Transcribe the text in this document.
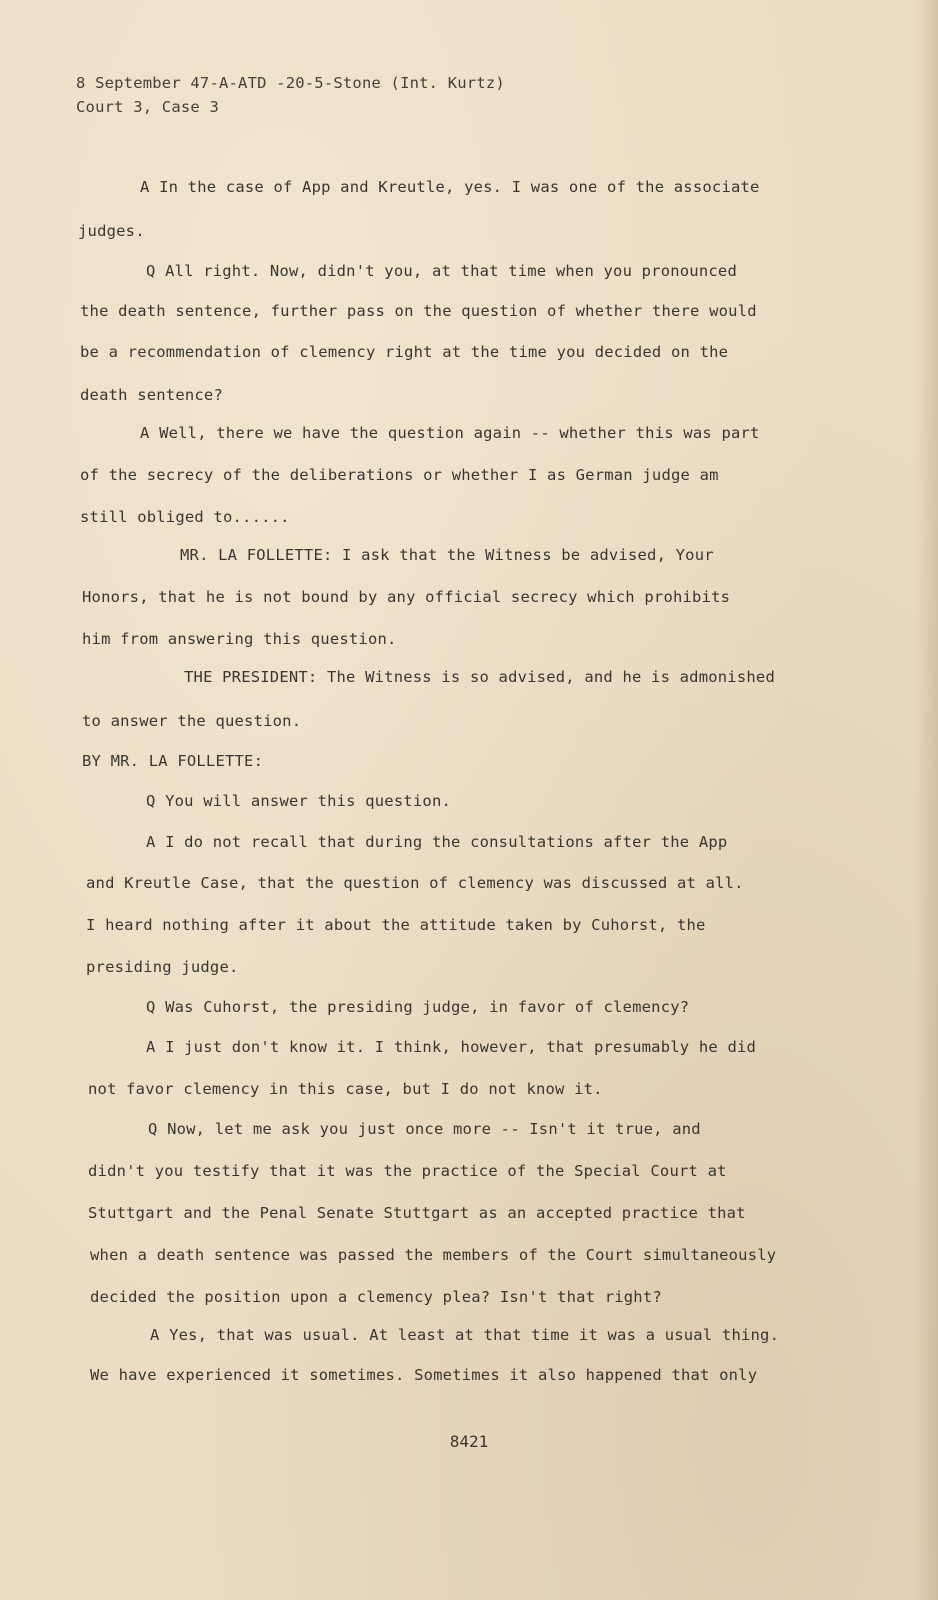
8 September 47-A-ATD -20-5-Stone (Int. Kurtz)
Court 3, Case 3
A In the case of App and Kreutle, yes. I was one of the associate
judges.
Q All right. Now, didn't you, at that time when you pronounced
the death sentence, further pass on the question of whether there would
be a recommendation of clemency right at the time you decided on the
death sentence?
A Well, there we have the question again -- whether this was part
of the secrecy of the deliberations or whether I as German judge am
still obliged to......
MR. LA FOLLETTE: I ask that the Witness be advised, Your
Honors, that he is not bound by any official secrecy which prohibits
him from answering this question.
THE PRESIDENT: The Witness is so advised, and he is admonished
to answer the question.
BY MR. LA FOLLETTE:
Q You will answer this question.
A I do not recall that during the consultations after the App
and Kreutle Case, that the question of clemency was discussed at all.
I heard nothing after it about the attitude taken by Cuhorst, the
presiding judge.
Q Was Cuhorst, the presiding judge, in favor of clemency?
A I just don't know it. I think, however, that presumably he did
not favor clemency in this case, but I do not know it.
Q Now, let me ask you just once more -- Isn't it true, and
didn't you testify that it was the practice of the Special Court at
Stuttgart and the Penal Senate Stuttgart as an accepted practice that
when a death sentence was passed the members of the Court simultaneously
decided the position upon a clemency plea? Isn't that right?
A Yes, that was usual. At least at that time it was a usual thing.
We have experienced it sometimes. Sometimes it also happened that only
8421
